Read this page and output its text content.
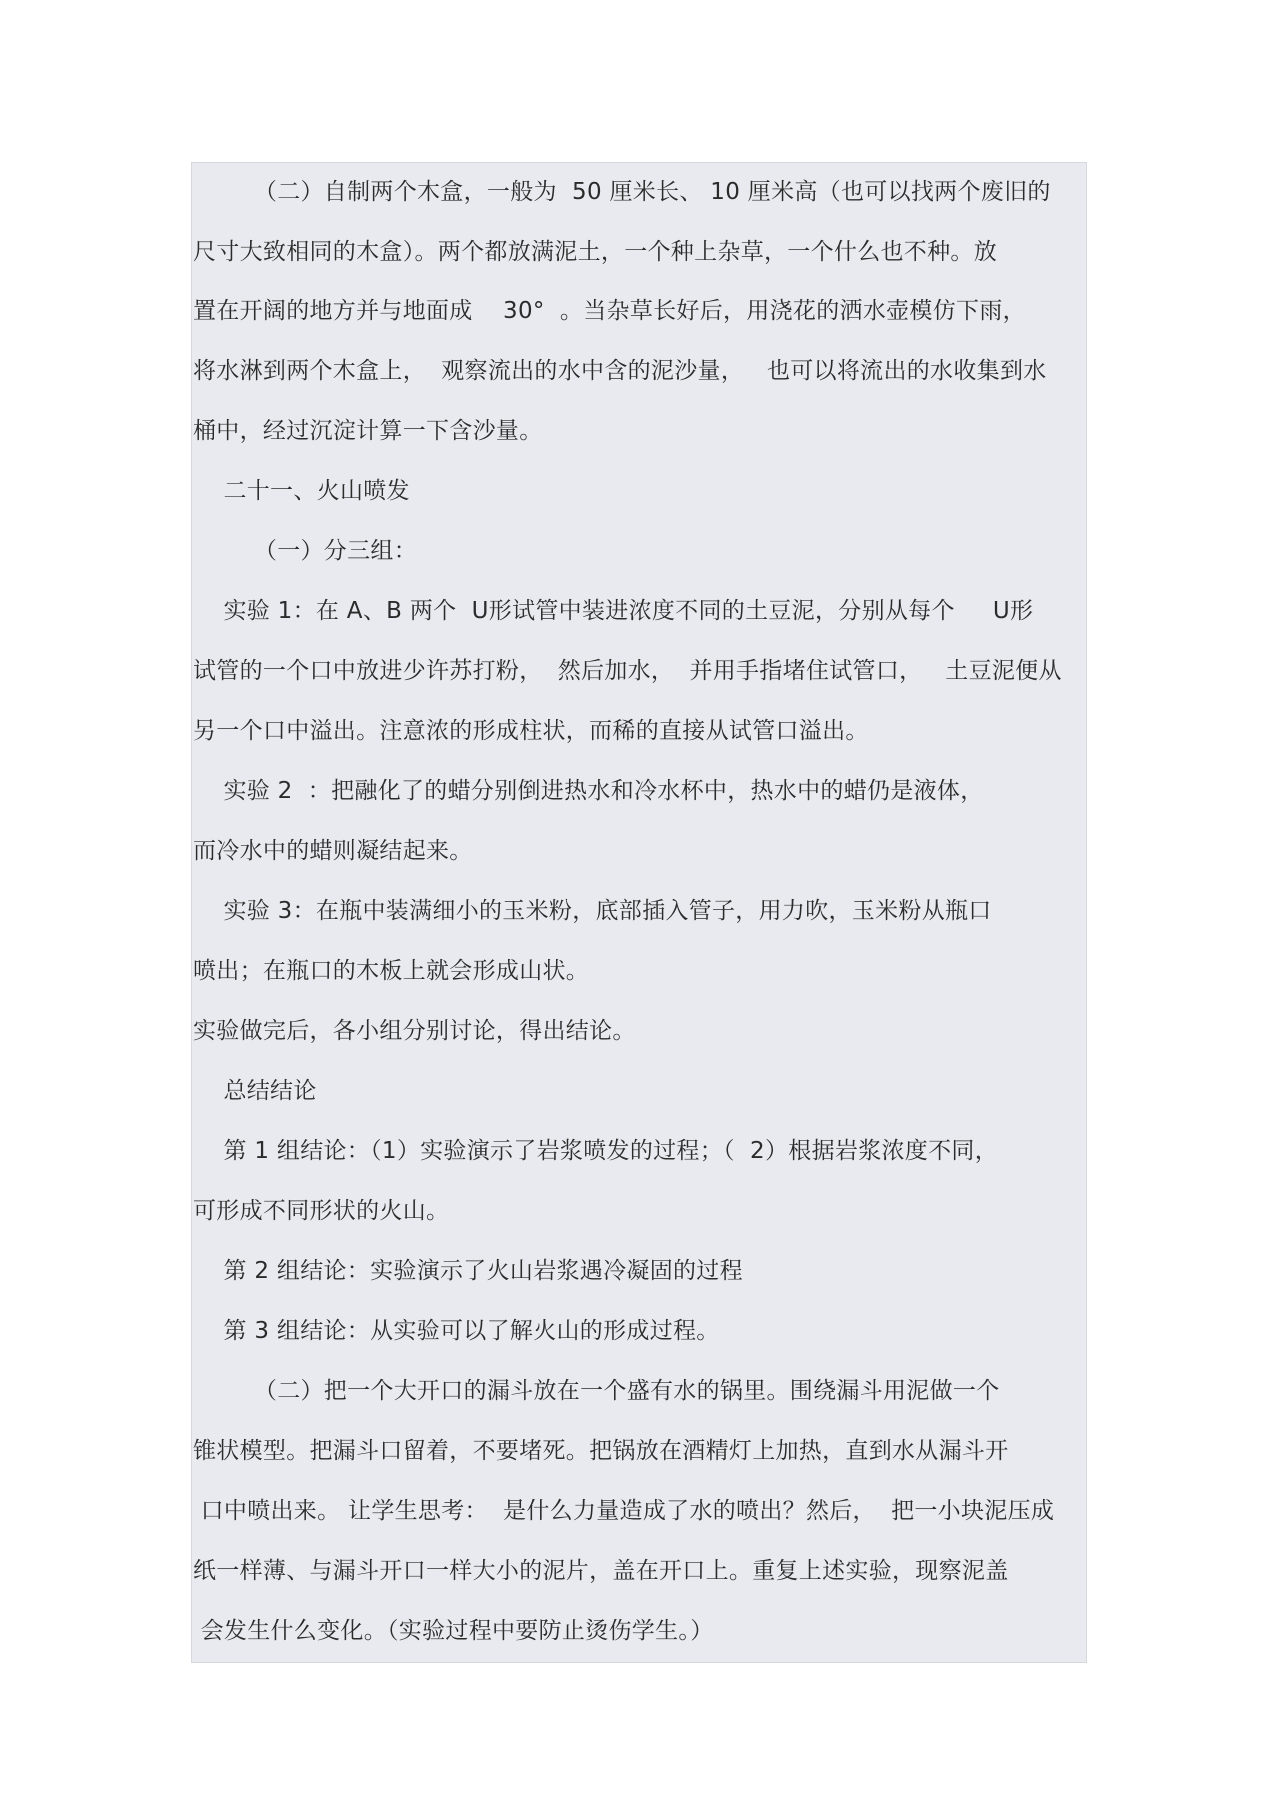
（二）自制两个木盒，一般为  50 厘米长、 10 厘米高（也可以找两个废旧的
尺寸大致相同的木盒）。两个都放满泥土，一个种上杂草，一个什么也不种。放
置在开阔的地方并与地面成    30°  。当杂草长好后，用浇花的洒水壶模仿下雨，
将水淋到两个木盒上，  观察流出的水中含的泥沙量，   也可以将流出的水收集到水
桶中，经过沉淀计算一下含沙量。
二十一、火山喷发
（一）分三组：
实验 1：在 A、B 两个  U形试管中装进浓度不同的土豆泥，分别从每个     U形
试管的一个口中放进少许苏打粉，  然后加水，  并用手指堵住试管口，   土豆泥便从
另一个口中溢出。注意浓的形成柱状，而稀的直接从试管口溢出。
实验 2  ：把融化了的蜡分别倒进热水和冷水杯中，热水中的蜡仍是液体，
而冷水中的蜡则凝结起来。
实验 3：在瓶中装满细小的玉米粉，底部插入管子，用力吹，玉米粉从瓶口
喷出；在瓶口的木板上就会形成山状。
实验做完后，各小组分别讨论，得出结论。
总结结论
第 1 组结论：（1）实验演示了岩浆喷发的过程；（  2）根据岩浆浓度不同，
可形成不同形状的火山。
第 2 组结论：实验演示了火山岩浆遇冷凝固的过程
第 3 组结论：从实验可以了解火山的形成过程。
（二）把一个大开口的漏斗放在一个盛有水的锅里。围绕漏斗用泥做一个
锥状模型。把漏斗口留着，不要堵死。把锅放在酒精灯上加热，直到水从漏斗开
口中喷出来。 让学生思考：  是什么力量造成了水的喷出？然后，  把一小块泥压成
纸一样薄、与漏斗开口一样大小的泥片，盖在开口上。重复上述实验，现察泥盖
会发生什么变化。（实验过程中要防止烫伤学生。）
